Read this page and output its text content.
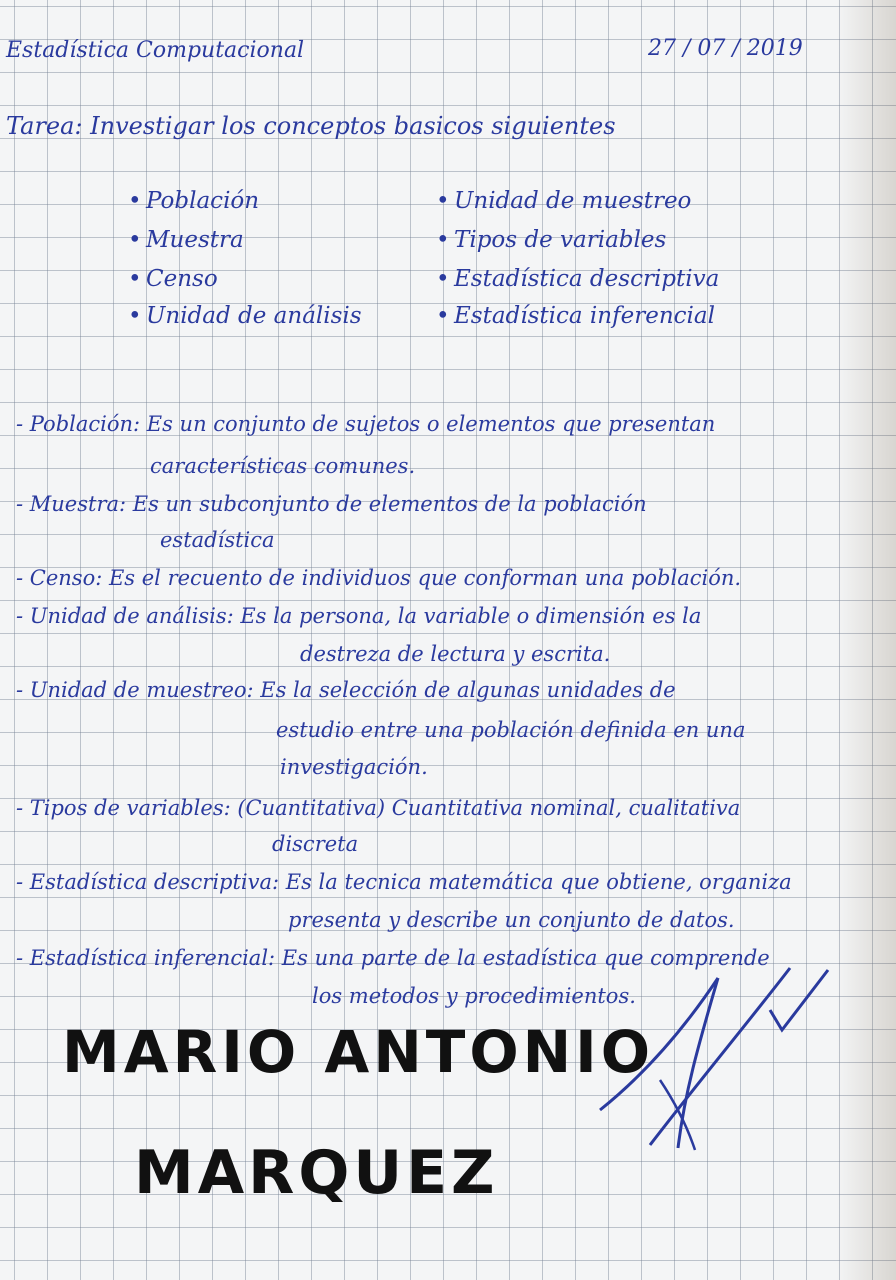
Estadística Computacional	27 / 07 / 2019
Tarea: Investigar los conceptos basicos siguientes
• Población
• Muestra
• Censo
• Unidad de análisis
• Unidad de muestreo
• Tipos de variables
• Estadística descriptiva
• Estadística inferencial
- Población: Es un conjunto de sujetos o elementos que presentan
características comunes.
- Muestra: Es un subconjunto de elementos de la población
estadística
- Censo: Es el recuento de individuos que conforman una población.
- Unidad de análisis: Es la persona, la variable o dimensión es la
destreza de lectura y escrita.
- Unidad de muestreo: Es la selección de algunas unidades de
estudio entre una población definida en una
investigación.
- Tipos de variables: (Cuantitativa) Cuantitativa nominal, cualitativa
discreta
- Estadística descriptiva: Es la tecnica matemática que obtiene, organiza
presenta y describe un conjunto de datos.
- Estadística inferencial: Es una parte de la estadística que comprende
los metodos y procedimientos.
MARIO ANTONIO
MARQUEZ
